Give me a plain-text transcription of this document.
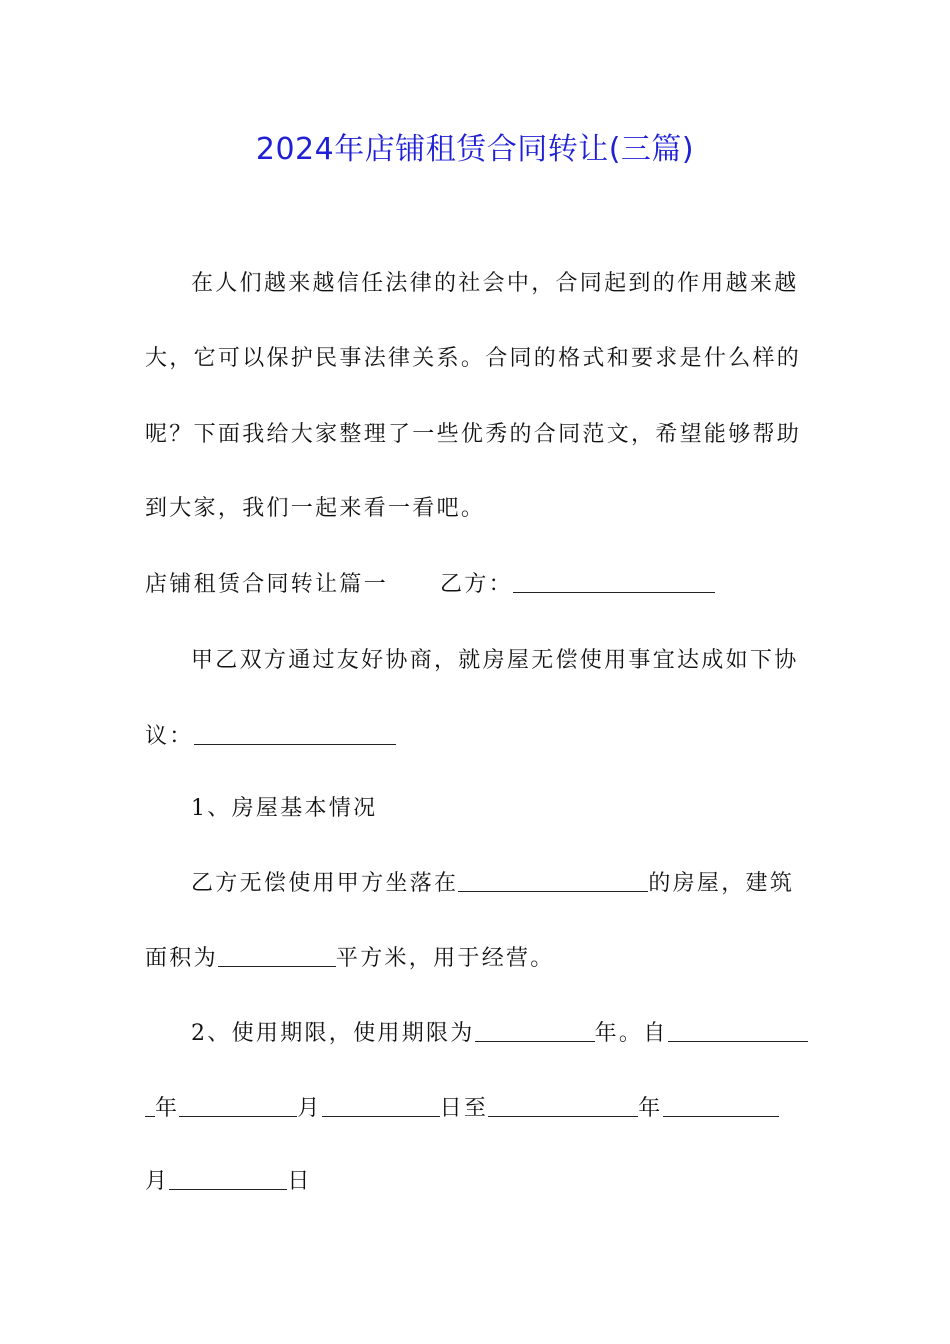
2024年店铺租赁合同转让(三篇)
在人们越来越信任法律的社会中，合同起到的作用越来越
大，它可以保护民事法律关系。合同的格式和要求是什么样的
呢？下面我给大家整理了一些优秀的合同范文，希望能够帮助
到大家，我们一起来看一看吧。
店铺租赁合同转让篇一 乙方：
甲乙双方通过友好协商，就房屋无偿使用事宜达成如下协
议：
1、房屋基本情况
乙方无偿使用甲方坐落在	的房屋，建筑
面积为	平方米，用于经营。
2、使用期限，使用期限为	年。自
年	月	日至	年
月	日
